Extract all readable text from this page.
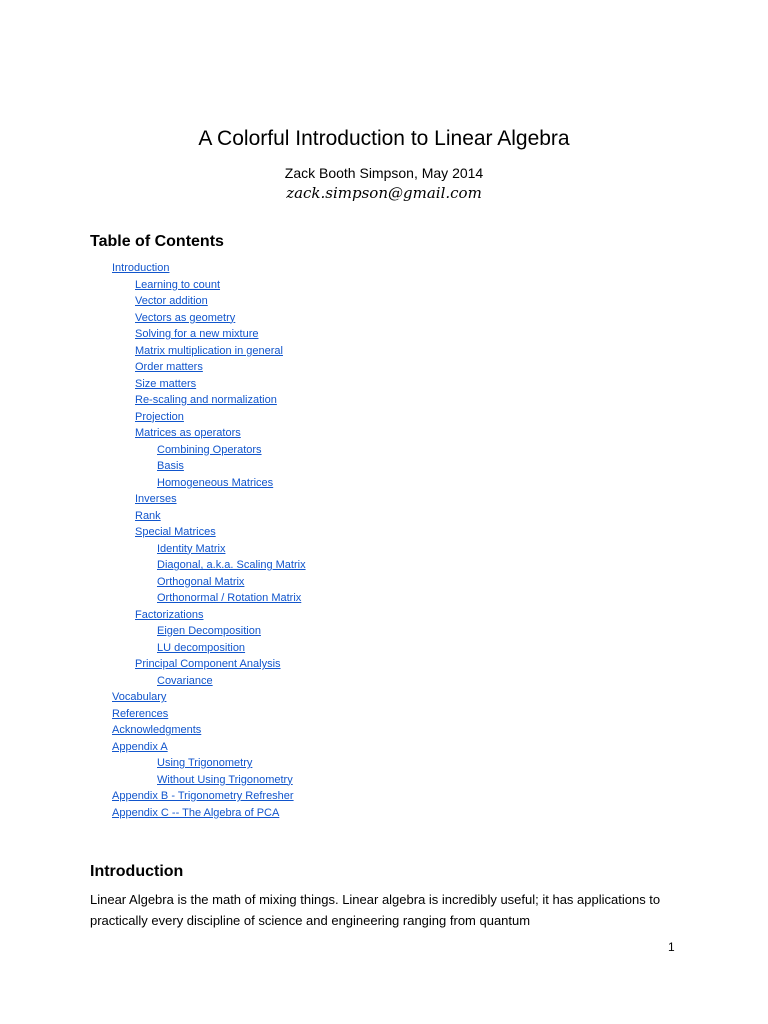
A Colorful Introduction to Linear Algebra
Zack Booth Simpson, May 2014
zack.simpson@gmail.com
Table of Contents
Introduction
Learning to count
Vector addition
Vectors as geometry
Solving for a new mixture
Matrix multiplication in general
Order matters
Size matters
Re-scaling and normalization
Projection
Matrices as operators
Combining Operators
Basis
Homogeneous Matrices
Inverses
Rank
Special Matrices
Identity Matrix
Diagonal, a.k.a. Scaling Matrix
Orthogonal Matrix
Orthonormal / Rotation Matrix
Factorizations
Eigen Decomposition
LU decomposition
Principal Component Analysis
Covariance
Vocabulary
References
Acknowledgments
Appendix A
Using Trigonometry
Without Using Trigonometry
Appendix B - Trigonometry Refresher
Appendix C -- The Algebra of PCA
Introduction

Linear Algebra is the math of mixing things. Linear algebra is incredibly useful; it has applications to practically every discipline of science and engineering ranging from quantum

1
